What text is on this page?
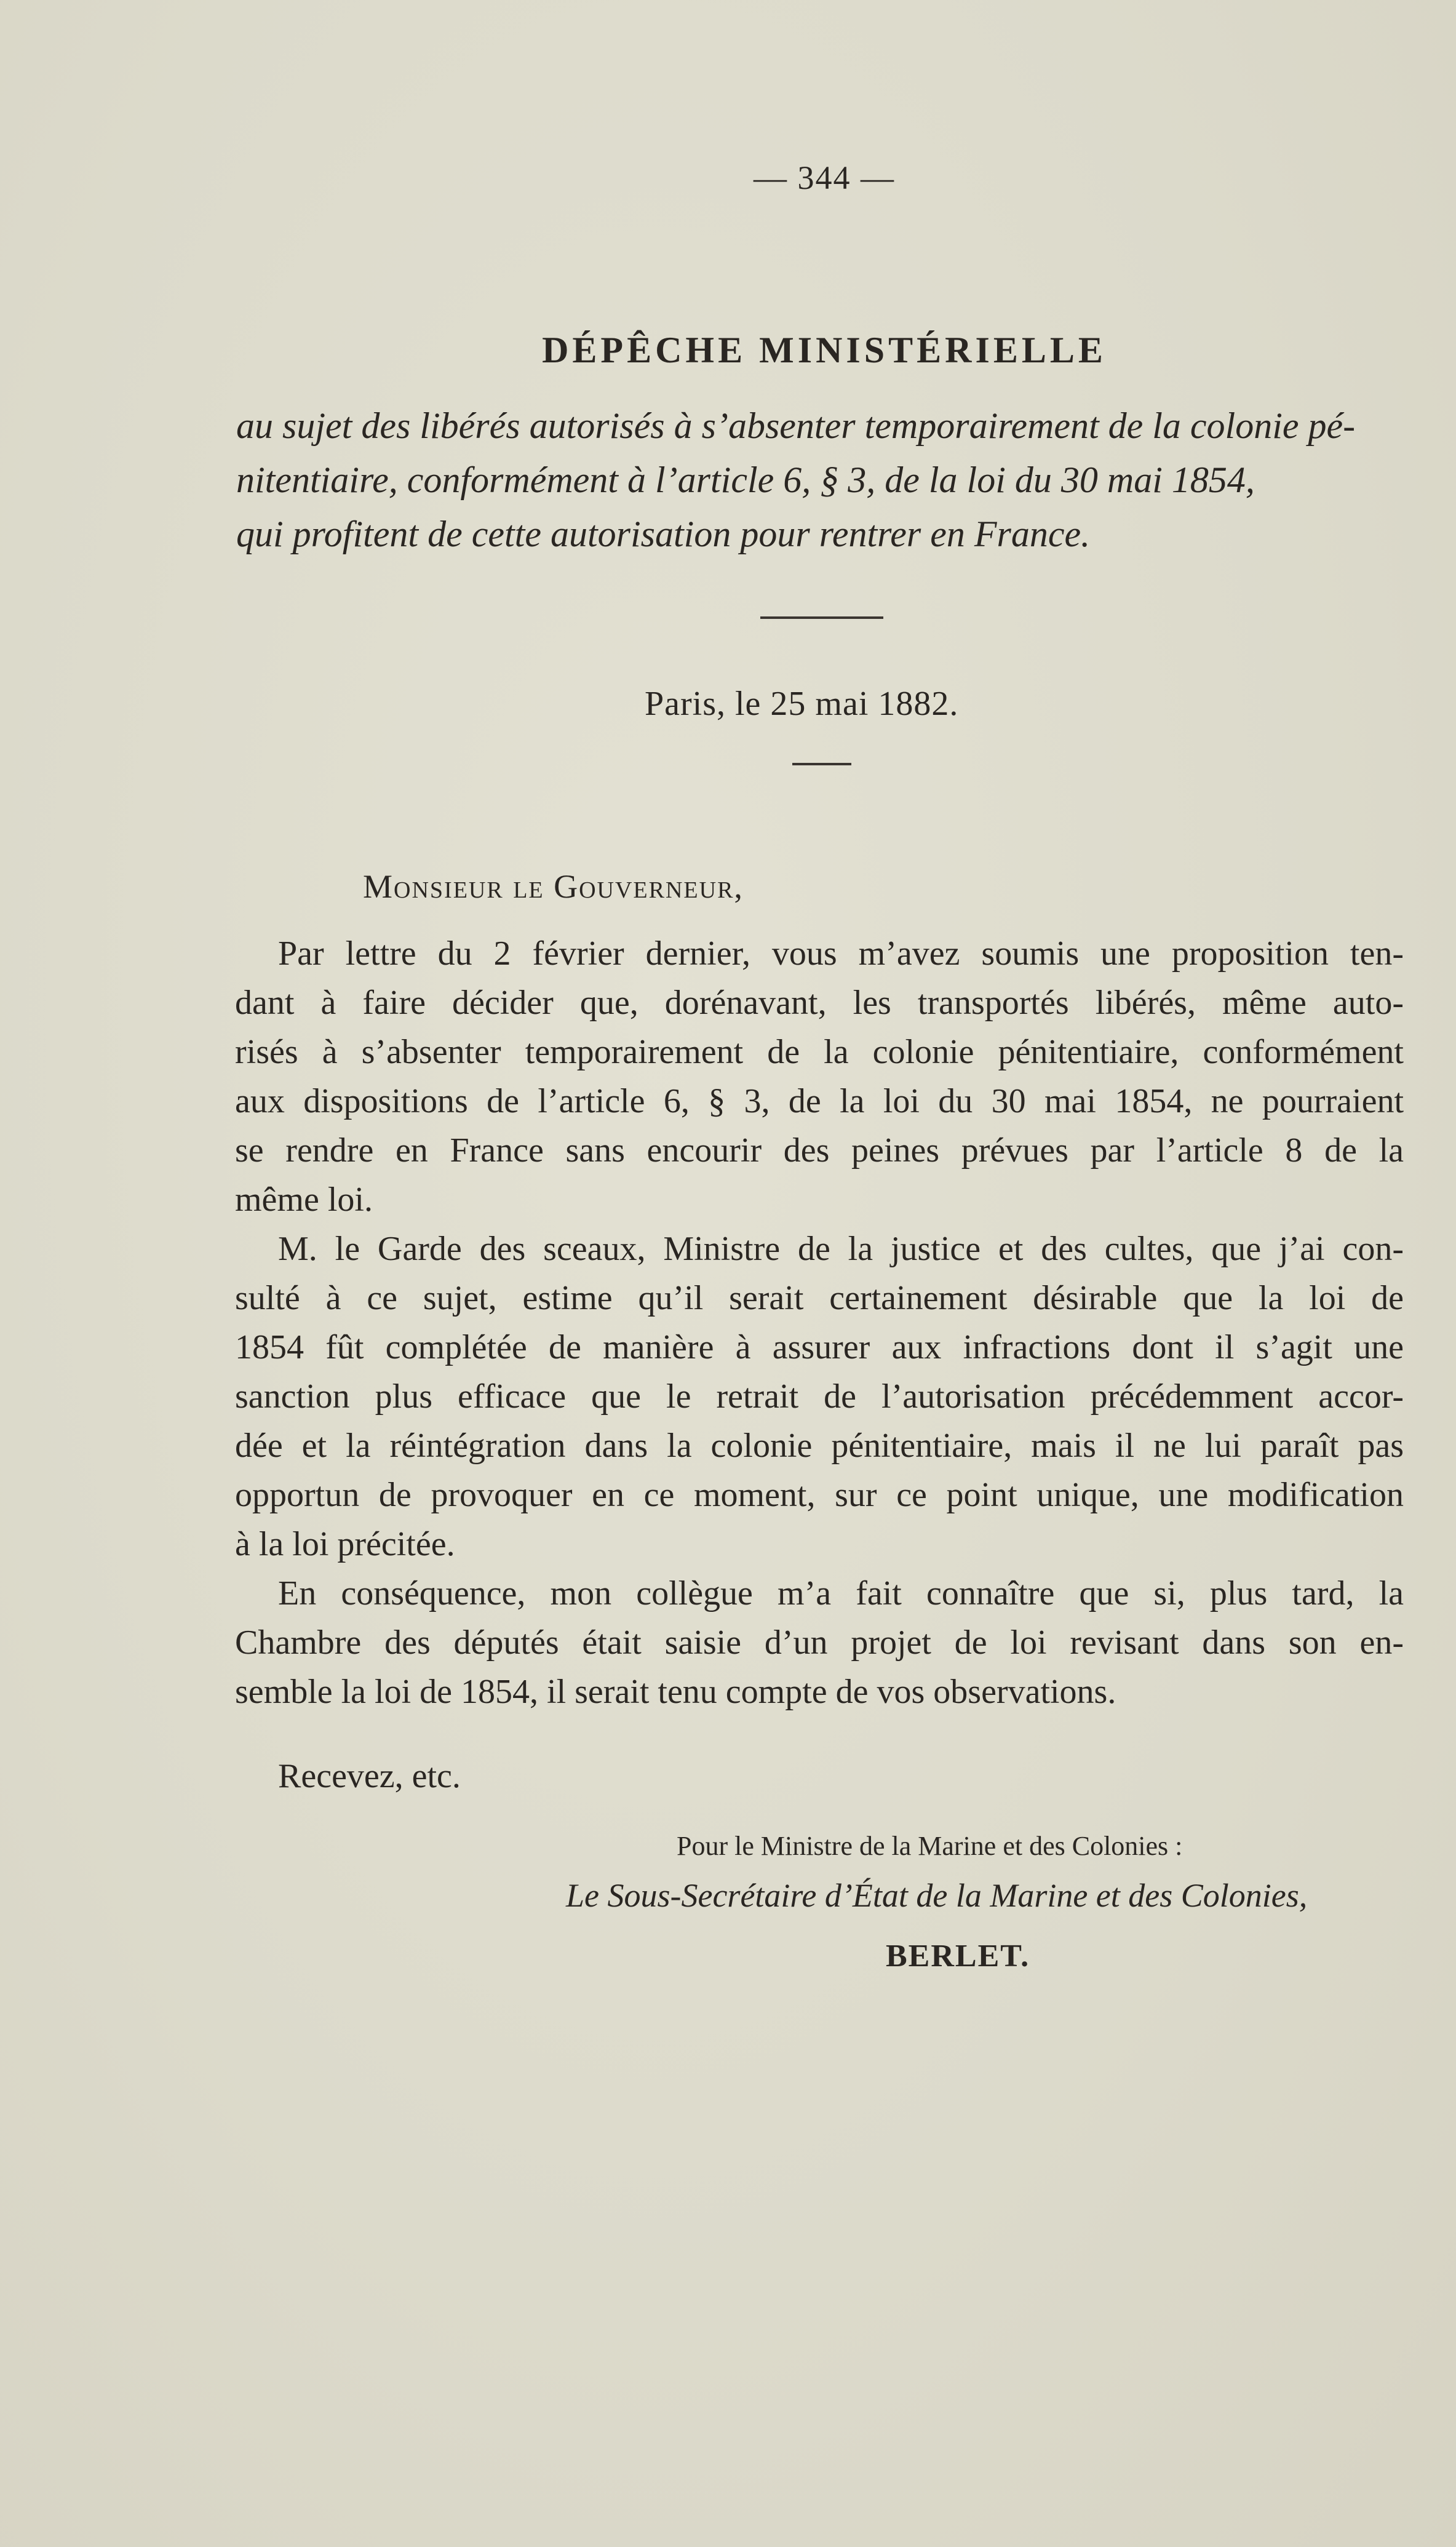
— 344 —
DÉPÊCHE MINISTÉRIELLE
au sujet des libérés autorisés à s’absenter temporairement de la colonie pé-
nitentiaire, conformément à l’article 6, § 3, de la loi du 30 mai 1854,
qui profitent de cette autorisation pour rentrer en France.
Paris, le 25 mai 1882.
Monsieur le Gouverneur,
Par lettre du 2 février dernier, vous m’avez soumis une proposition ten-
dant à faire décider que, dorénavant, les transportés libérés, même auto-
risés à s’absenter temporairement de la colonie pénitentiaire, conformément
aux dispositions de l’article 6, § 3, de la loi du 30 mai 1854, ne pourraient
se rendre en France sans encourir des peines prévues par l’article 8 de la
même loi.
M. le Garde des sceaux, Ministre de la justice et des cultes, que j’ai con-
sulté à ce sujet, estime qu’il serait certainement désirable que la loi de
1854 fût complétée de manière à assurer aux infractions dont il s’agit une
sanction plus efficace que le retrait de l’autorisation précédemment accor-
dée et la réintégration dans la colonie pénitentiaire, mais il ne lui paraît pas
opportun de provoquer en ce moment, sur ce point unique, une modification
à la loi précitée.
En conséquence, mon collègue m’a fait connaître que si, plus tard, la
Chambre des députés était saisie d’un projet de loi revisant dans son en-
semble la loi de 1854, il serait tenu compte de vos observations.
Recevez, etc.
Pour le Ministre de la Marine et des Colonies :
Le Sous-Secrétaire d’État de la Marine et des Colonies,
BERLET.
